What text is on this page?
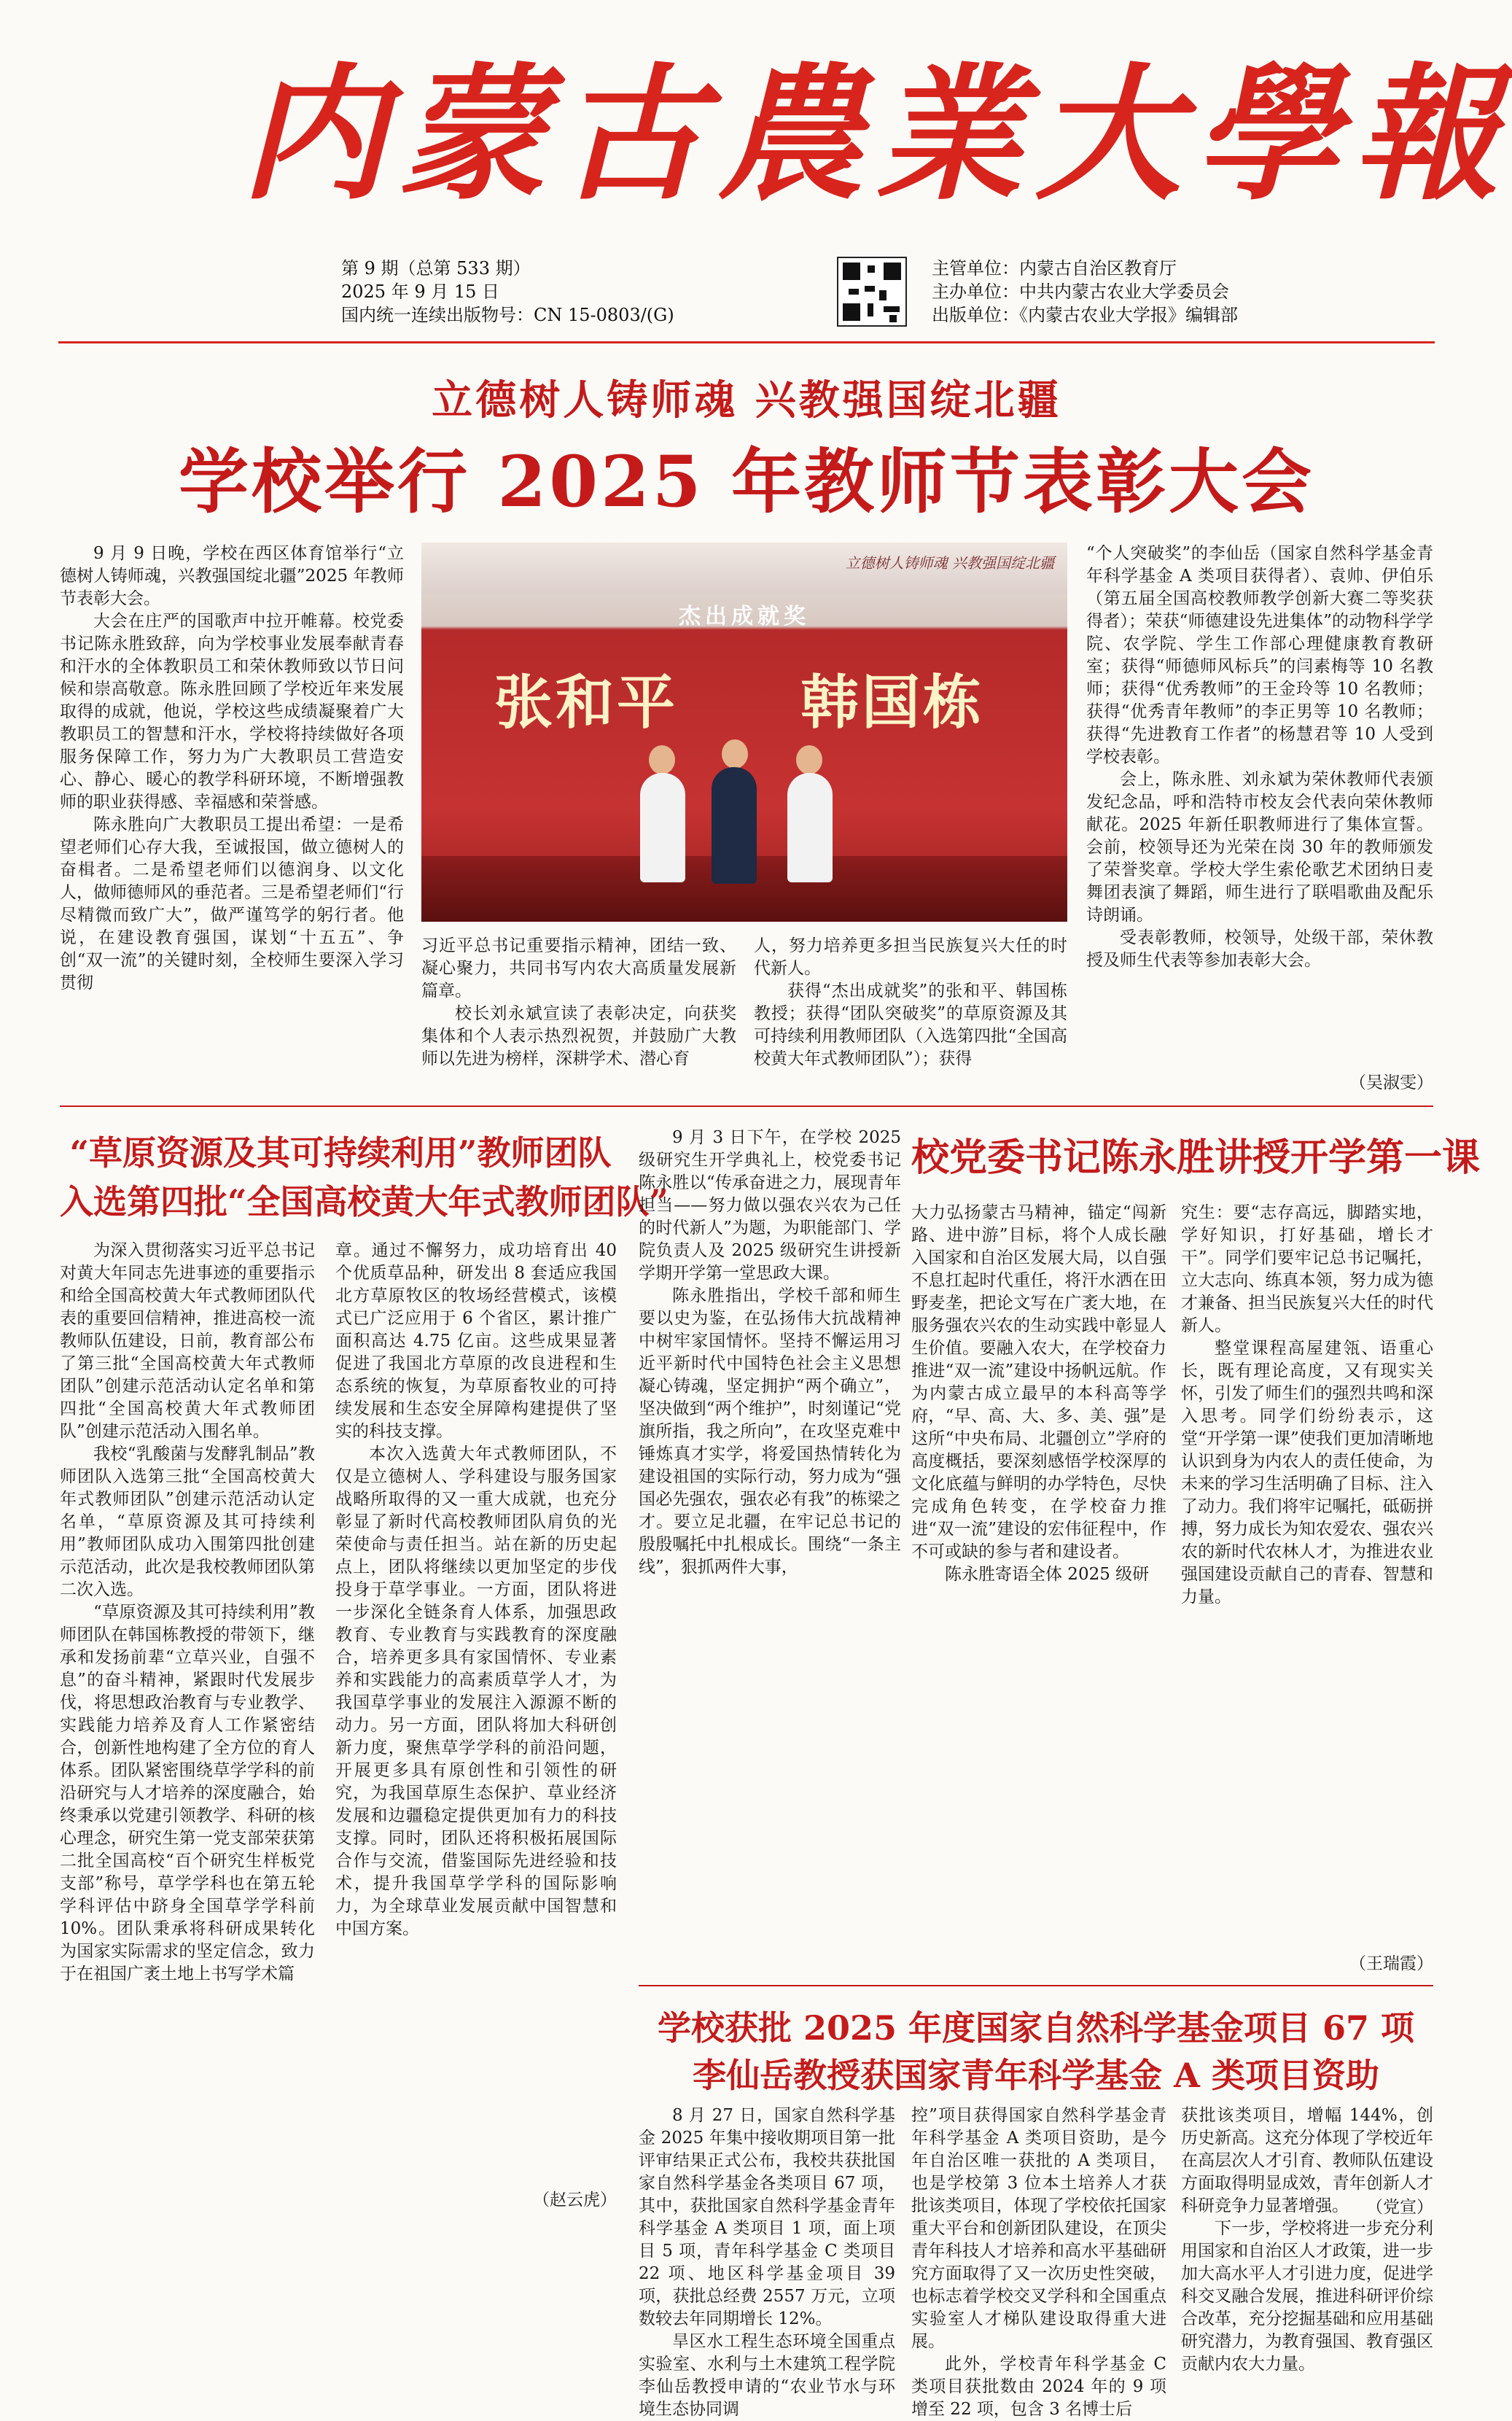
内蒙古農業大學報
第 9 期（总第 533 期）
2025 年 9 月 15 日
国内统一连续出版物号：CN 15-0803/(G)
主管单位：内蒙古自治区教育厅
主办单位：中共内蒙古农业大学委员会
出版单位：《内蒙古农业大学报》编辑部
立德树人铸师魂 兴教强国绽北疆
学校举行 2025 年教师节表彰大会

9 月 9 日晚，学校在西区体育馆举行“立德树人铸师魂，兴教强国绽北疆”2025 年教师节表彰大会。

大会在庄严的国歌声中拉开帷幕。校党委书记陈永胜致辞，向为学校事业发展奉献青春和汗水的全体教职员工和荣休教师致以节日问候和崇高敬意。陈永胜回顾了学校近年来发展取得的成就，他说，学校这些成绩凝聚着广大教职员工的智慧和汗水，学校将持续做好各项服务保障工作，努力为广大教职员工营造安心、静心、暖心的教学科研环境，不断增强教师的职业获得感、幸福感和荣誉感。

陈永胜向广大教职员工提出希望：一是希望老师们心存大我，至诚报国，做立德树人的奋楫者。二是希望老师们以德润身、以文化人，做师德师风的垂范者。三是希望老师们“行尽精微而致广大”，做严谨笃学的躬行者。他说，在建设教育强国，谋划“十五五”、争创“双一流”的关键时刻，全校师生要深入学习贯彻

立德树人铸师魂 兴教强国绽北疆
杰出成就奖
张和平 韩国栋

习近平总书记重要指示精神，团结一致、凝心聚力，共同书写内农大高质量发展新篇章。

校长刘永斌宣读了表彰决定，向获奖集体和个人表示热烈祝贺，并鼓励广大教师以先进为榜样，深耕学术、潜心育

人，努力培养更多担当民族复兴大任的时代新人。

获得“杰出成就奖”的张和平、韩国栋教授；获得“团队突破奖”的草原资源及其可持续利用教师团队（入选第四批“全国高校黄大年式教师团队”）；获得

“个人突破奖”的李仙岳（国家自然科学基金青年科学基金 A 类项目获得者）、袁帅、伊伯乐（第五届全国高校教师教学创新大赛二等奖获得者）；荣获“师德建设先进集体”的动物科学学院、农学院、学生工作部心理健康教育教研室；获得“师德师风标兵”的闫素梅等 10 名教师；获得“优秀教师”的王金玲等 10 名教师；获得“优秀青年教师”的李正男等 10 名教师；获得“先进教育工作者”的杨慧君等 10 人受到学校表彰。

会上，陈永胜、刘永斌为荣休教师代表颁发纪念品，呼和浩特市校友会代表向荣休教师献花。2025 年新任职教师进行了集体宣誓。会前，校领导还为光荣在岗 30 年的教师颁发了荣誉奖章。学校大学生索伦歌艺术团纳日麦舞团表演了舞蹈，师生进行了联唱歌曲及配乐诗朗诵。

受表彰教师，校领导，处级干部，荣休教授及师生代表等参加表彰大会。

（吴淑雯）
“草原资源及其可持续利用”教师团队
入选第四批“全国高校黄大年式教师团队”

为深入贯彻落实习近平总书记对黄大年同志先进事迹的重要指示和给全国高校黄大年式教师团队代表的重要回信精神，推进高校一流教师队伍建设，日前，教育部公布了第三批“全国高校黄大年式教师团队”创建示范活动认定名单和第四批“全国高校黄大年式教师团队”创建示范活动入围名单。

我校“乳酸菌与发酵乳制品”教师团队入选第三批“全国高校黄大年式教师团队”创建示范活动认定名单，“草原资源及其可持续利用”教师团队成功入围第四批创建示范活动，此次是我校教师团队第二次入选。

“草原资源及其可持续利用”教师团队在韩国栋教授的带领下，继承和发扬前辈“立草兴业，自强不息”的奋斗精神，紧跟时代发展步伐，将思想政治教育与专业教学、实践能力培养及育人工作紧密结合，创新性地构建了全方位的育人体系。团队紧密围绕草学学科的前沿研究与人才培养的深度融合，始终秉承以党建引领教学、科研的核心理念，研究生第一党支部荣获第二批全国高校“百个研究生样板党支部”称号，草学学科也在第五轮学科评估中跻身全国草学学科前 10%。团队秉承将科研成果转化为国家实际需求的坚定信念，致力于在祖国广袤土地上书写学术篇

章。通过不懈努力，成功培育出 40 个优质草品种，研发出 8 套适应我国北方草原牧区的牧场经营模式，该模式已广泛应用于 6 个省区，累计推广面积高达 4.75 亿亩。这些成果显著促进了我国北方草原的改良进程和生态系统的恢复，为草原畜牧业的可持续发展和生态安全屏障构建提供了坚实的科技支撑。

本次入选黄大年式教师团队，不仅是立德树人、学科建设与服务国家战略所取得的又一重大成就，也充分彰显了新时代高校教师团队肩负的光荣使命与责任担当。站在新的历史起点上，团队将继续以更加坚定的步伐投身于草学事业。一方面，团队将进一步深化全链条育人体系，加强思政教育、专业教育与实践教育的深度融合，培养更多具有家国情怀、专业素养和实践能力的高素质草学人才，为我国草学事业的发展注入源源不断的动力。另一方面，团队将加大科研创新力度，聚焦草学学科的前沿问题，开展更多具有原创性和引领性的研究，为我国草原生态保护、草业经济发展和边疆稳定提供更加有力的科技支撑。同时，团队还将积极拓展国际合作与交流，借鉴国际先进经验和技术，提升我国草学学科的国际影响力，为全球草业发展贡献中国智慧和中国方案。

（赵云虎）

9 月 3 日下午，在学校 2025 级研究生开学典礼上，校党委书记陈永胜以“传承奋进之力，展现青年担当——努力做以强农兴农为己任的时代新人”为题，为职能部门、学院负责人及 2025 级研究生讲授新学期开学第一堂思政大课。

陈永胜指出，学校千部和师生要以史为鉴，在弘扬伟大抗战精神中树牢家国情怀。坚持不懈运用习近平新时代中国特色社会主义思想凝心铸魂，坚定拥护“两个确立”，坚决做到“两个维护”，时刻谨记“党旗所指，我之所向”，在攻坚克难中锤炼真才实学，将爱国热情转化为建设祖国的实际行动，努力成为“强国必先强农，强农必有我”的栋梁之才。要立足北疆，在牢记总书记的殷殷嘱托中扎根成长。围绕“一条主线”，狠抓两件大事，

校党委书记陈永胜讲授开学第一课

大力弘扬蒙古马精神，锚定“闯新路、进中游”目标，将个人成长融入国家和自治区发展大局，以自强不息扛起时代重任，将汗水洒在田野麦垄，把论文写在广袤大地，在服务强农兴农的生动实践中彰显人生价值。要融入农大，在学校奋力推进“双一流”建设中扬帆远航。作为内蒙古成立最早的本科高等学府，“早、高、大、多、美、强”是这所“中央布局、北疆创立”学府的高度概括，要深刻感悟学校深厚的文化底蕴与鲜明的办学特色，尽快完成角色转变，在学校奋力推进“双一流”建设的宏伟征程中，作不可或缺的参与者和建设者。

陈永胜寄语全体 2025 级研

究生：要“志存高远，脚踏实地，学好知识，打好基础，增长才干”。同学们要牢记总书记嘱托，立大志向、练真本领，努力成为德才兼备、担当民族复兴大任的时代新人。

整堂课程高屋建瓴、语重心长，既有理论高度，又有现实关怀，引发了师生们的强烈共鸣和深入思考。同学们纷纷表示，这堂“开学第一课”使我们更加清晰地认识到身为内农人的责任使命，为未来的学习生活明确了目标、注入了动力。我们将牢记嘱托，砥砺拼搏，努力成长为知农爱农、强农兴农的新时代农林人才，为推进农业强国建设贡献自己的青春、智慧和力量。

（王瑞霞）
学校获批 2025 年度国家自然科学基金项目 67 项
李仙岳教授获国家青年科学基金 A 类项目资助

8 月 27 日，国家自然科学基金 2025 年集中接收期项目第一批评审结果正式公布，我校共获批国家自然科学基金各类项目 67 项，其中，获批国家自然科学基金青年科学基金 A 类项目 1 项，面上项目 5 项，青年科学基金 C 类项目 22 项、地区科学基金项目 39 项，获批总经费 2557 万元，立项数较去年同期增长 12%。

旱区水工程生态环境全国重点实验室、水利与土木建筑工程学院李仙岳教授申请的“农业节水与环境生态协同调

控”项目获得国家自然科学基金青年科学基金 A 类项目资助，是今年自治区唯一获批的 A 类项目，也是学校第 3 位本土培养人才获批该类项目，体现了学校依托国家重大平台和创新团队建设，在顶尖青年科技人才培养和高水平基础研究方面取得了又一次历史性突破，也标志着学校交叉学科和全国重点实验室人才梯队建设取得重大进展。

此外，学校青年科学基金 C 类项目获批数由 2024 年的 9 项增至 22 项，包含 3 名博士后

获批该类项目，增幅 144%，创历史新高。这充分体现了学校近年在高层次人才引育、教师队伍建设方面取得明显成效，青年创新人才科研竞争力显著增强。

下一步，学校将进一步充分利用国家和自治区人才政策，进一步加大高水平人才引进力度，促进学科交叉融合发展，推进科研评价综合改革，充分挖掘基础和应用基础研究潜力，为教育强国、教育强区贡献内农大力量。

（党宣）
